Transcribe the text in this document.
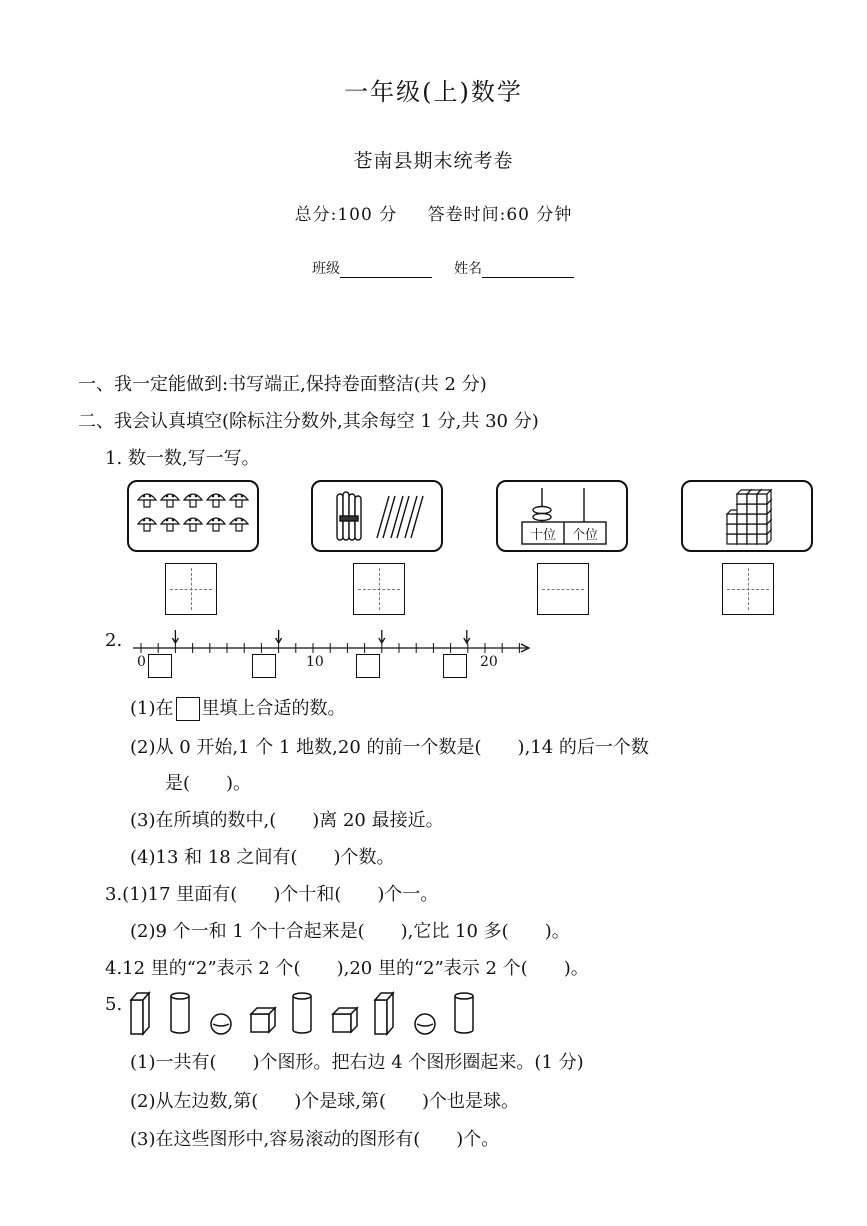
一年级(上)数学
苍南县期末统考卷
总分:100 分 答卷时间:60 分钟
班级	姓名
一、我一定能做到:书写端正,保持卷面整洁(共 2 分)
二、我会认真填空(除标注分数外,其余每空 1 分,共 30 分)
1. 数一数,写一写。
十位	个位
2.
0	10	20
(1)在 里填上合适的数。
(2)从 0 开始,1 个 1 地数,20 的前一个数是(　　),14 的后一个数
是(　　)。
(3)在所填的数中,(　　)离 20 最接近。
(4)13 和 18 之间有(　　)个数。
3.(1)17 里面有(　　)个十和(　　)个一。
(2)9 个一和 1 个十合起来是(　　),它比 10 多(　　)。
4.12 里的“2”表示 2 个(　　),20 里的“2”表示 2 个(　　)。
5.
(1)一共有(　　)个图形。把右边 4 个图形圈起来。(1 分)
(2)从左边数,第(　　)个是球,第(　　)个也是球。
(3)在这些图形中,容易滚动的图形有(　　)个。
